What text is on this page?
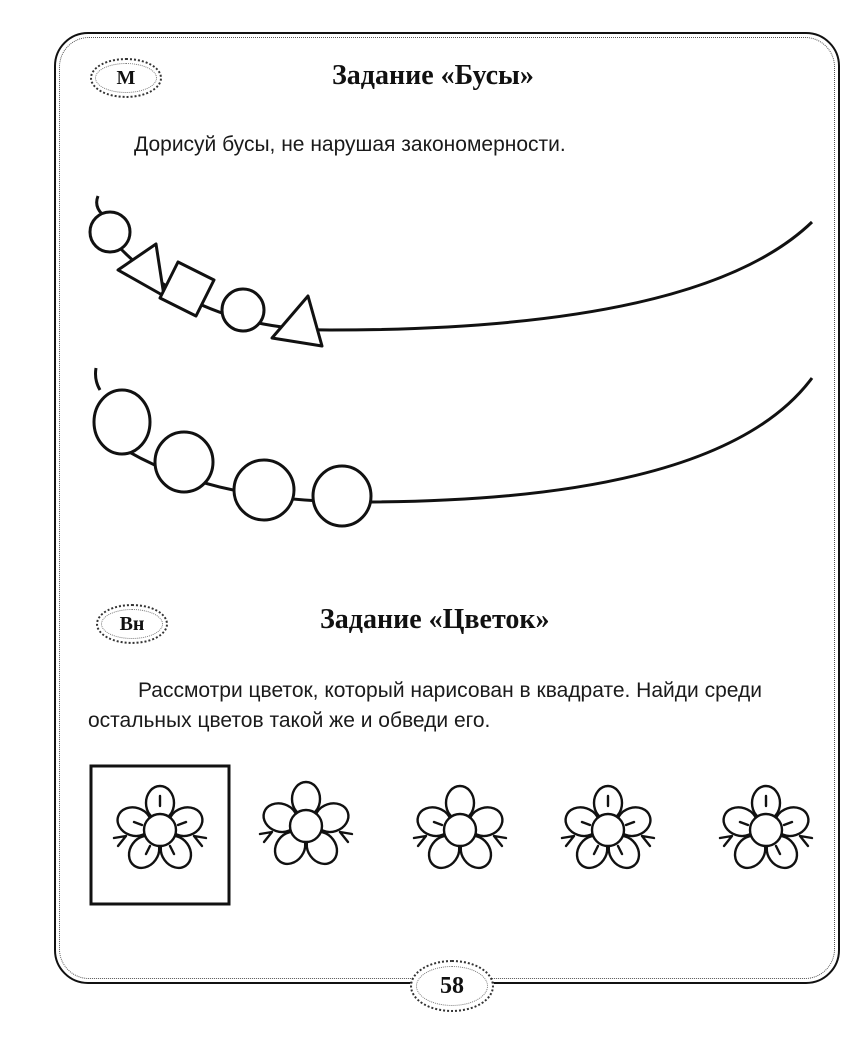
М	Задание «Бусы»
Дорисуй бусы, не нарушая закономерности.
Вн	Задание «Цветок»
Рассмотри цветок, который нарисован в квадрате. Найди среди остальных цветов такой же и обведи его.
58
